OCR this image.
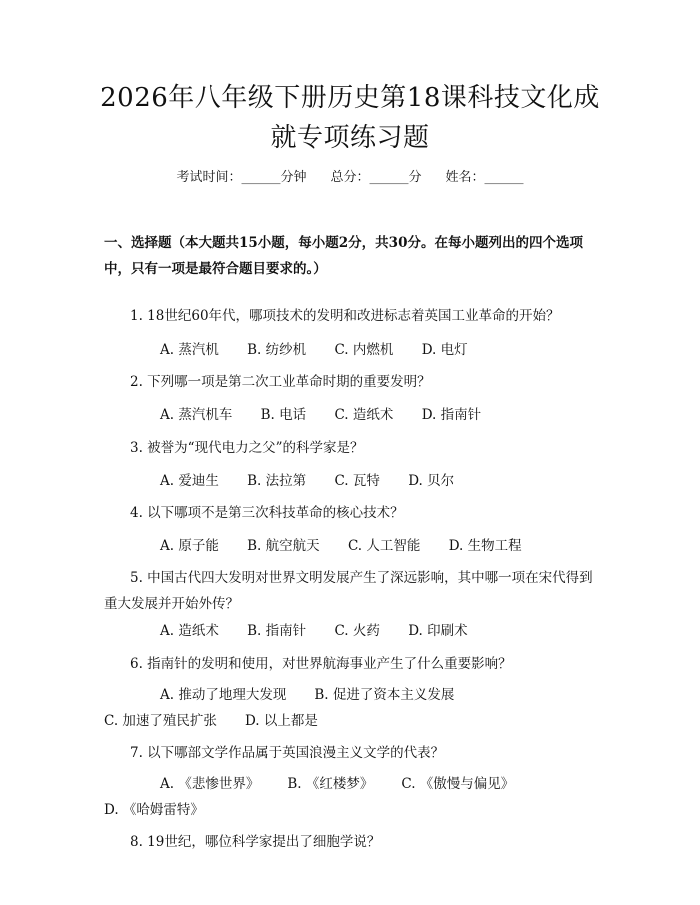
2026年八年级下册历史第18课科技文化成就专项练习题
考试时间：______分钟 总分：______分 姓名：______
一、选择题（本大题共15小题，每小题2分，共30分。在每小题列出的四个选项中，只有一项是最符合题目要求的。）
1. 18世纪60年代，哪项技术的发明和改进标志着英国工业革命的开始？
A. 蒸汽机 B. 纺纱机 C. 内燃机 D. 电灯
2. 下列哪一项是第二次工业革命时期的重要发明？
A. 蒸汽机车 B. 电话 C. 造纸术 D. 指南针
3. 被誉为“现代电力之父”的科学家是？
A. 爱迪生 B. 法拉第 C. 瓦特 D. 贝尔
4. 以下哪项不是第三次科技革命的核心技术？
A. 原子能 B. 航空航天 C. 人工智能 D. 生物工程
5. 中国古代四大发明对世界文明发展产生了深远影响，其中哪一项在宋代得到重大发展并开始外传？
A. 造纸术 B. 指南针 C. 火药 D. 印刷术
6. 指南针的发明和使用，对世界航海事业产生了什么重要影响？
A. 推动了地理大发现 B. 促进了资本主义发展C. 加速了殖民扩张 D. 以上都是
7. 以下哪部文学作品属于英国浪漫主义文学的代表？
A. 《悲惨世界》 B. 《红楼梦》 C. 《傲慢与偏见》D. 《哈姆雷特》
8. 19世纪，哪位科学家提出了细胞学说？
